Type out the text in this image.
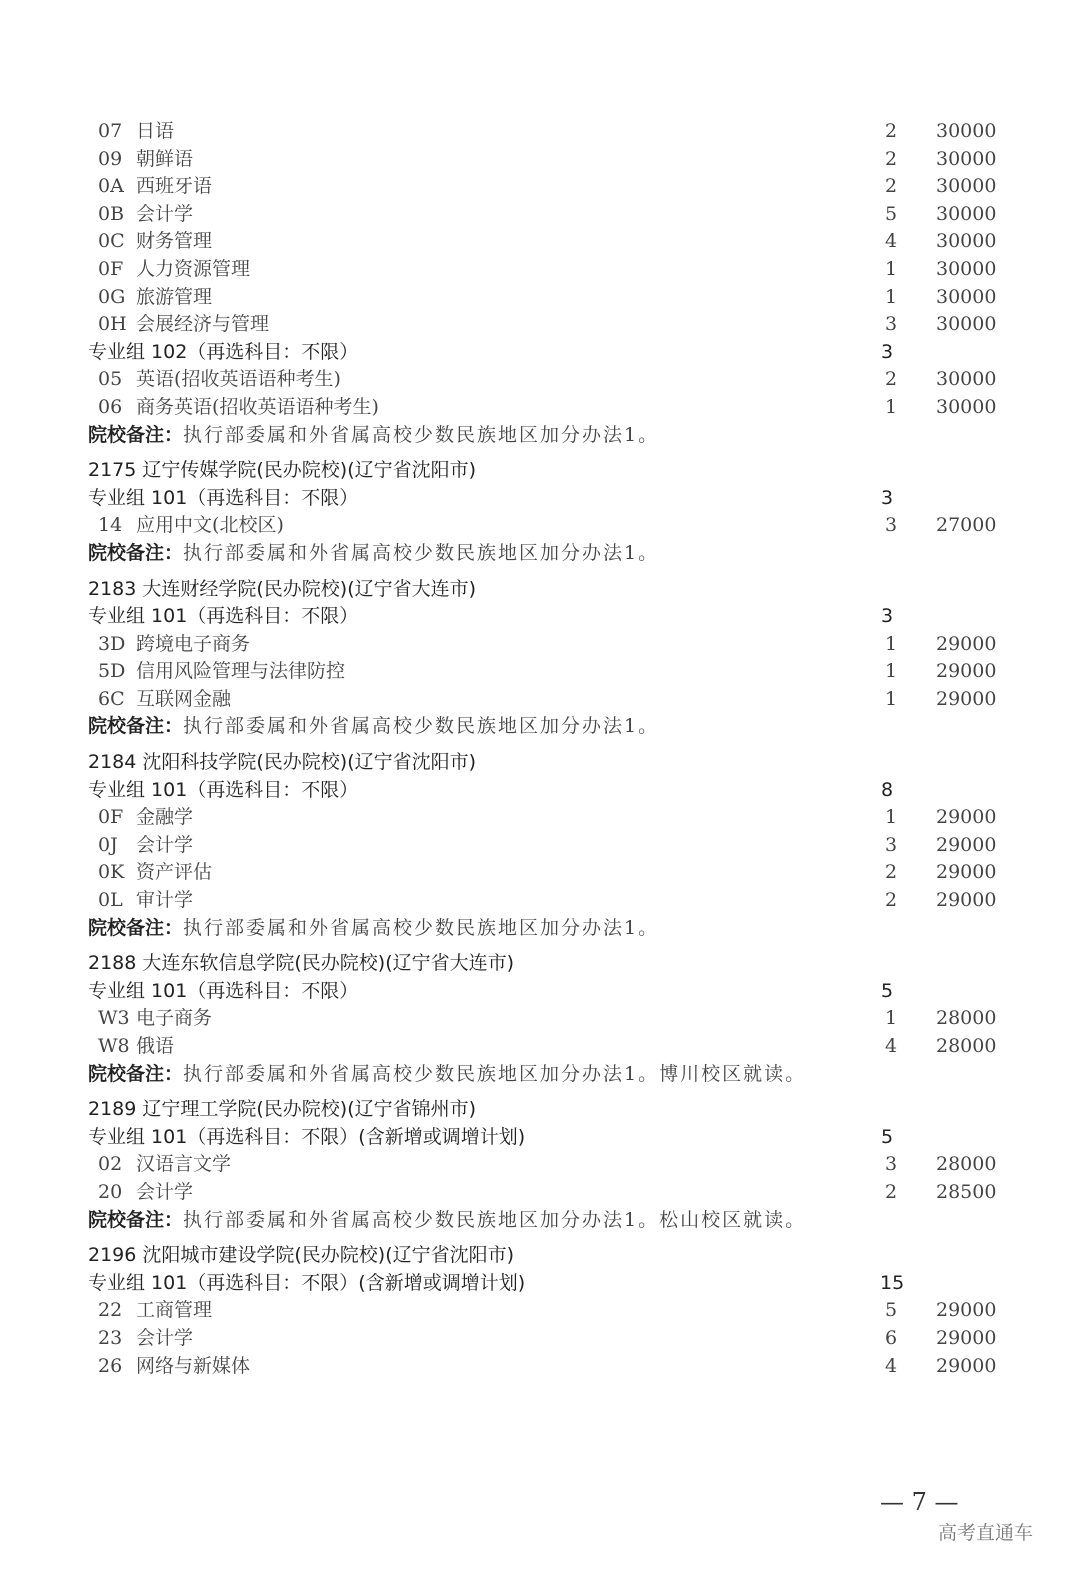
07 日语	2 30000
09 朝鲜语	2 30000
0A 西班牙语	2 30000
0B 会计学	5 30000
0C 财务管理	4 30000
0F 人力资源管理	1 30000
0G 旅游管理	1 30000
0H 会展经济与管理	3 30000
专业组 102（再选科目：不限）	3
05 英语(招收英语语种考生)	2 30000
06 商务英语(招收英语语种考生)	1 30000
院校备注：执行部委属和外省属高校少数民族地区加分办法1。
2175 辽宁传媒学院(民办院校)(辽宁省沈阳市)
专业组 101（再选科目：不限）	3
14 应用中文(北校区)	3 27000
院校备注：执行部委属和外省属高校少数民族地区加分办法1。
2183 大连财经学院(民办院校)(辽宁省大连市)
专业组 101（再选科目：不限）	3
3D 跨境电子商务	1 29000
5D 信用风险管理与法律防控	1 29000
6C 互联网金融	1 29000
院校备注：执行部委属和外省属高校少数民族地区加分办法1。
2184 沈阳科技学院(民办院校)(辽宁省沈阳市)
专业组 101（再选科目：不限）	8
0F 金融学	1 29000
0J 会计学	3 29000
0K 资产评估	2 29000
0L 审计学	2 29000
院校备注：执行部委属和外省属高校少数民族地区加分办法1。
2188 大连东软信息学院(民办院校)(辽宁省大连市)
专业组 101（再选科目：不限）	5
W3 电子商务	1 28000
W8 俄语	4 28000
院校备注：执行部委属和外省属高校少数民族地区加分办法1。博川校区就读。
2189 辽宁理工学院(民办院校)(辽宁省锦州市)
专业组 101（再选科目：不限）(含新增或调增计划)	5
02 汉语言文学	3 28000
20 会计学	2 28500
院校备注：执行部委属和外省属高校少数民族地区加分办法1。松山校区就读。
2196 沈阳城市建设学院(民办院校)(辽宁省沈阳市)
专业组 101（再选科目：不限）(含新增或调增计划)	15
22 工商管理	5 29000
23 会计学	6 29000
26 网络与新媒体	4 29000
— 7 —
高考直通车
